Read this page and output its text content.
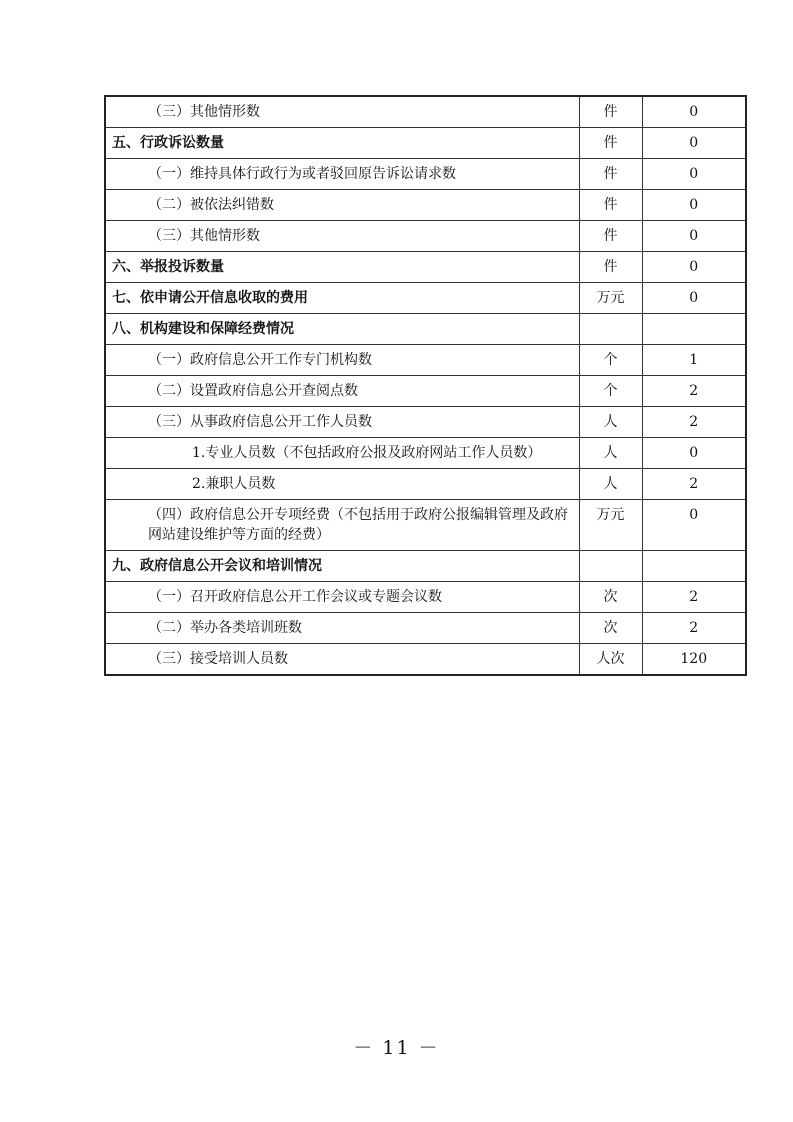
（三）其他情形数	件	0
五、行政诉讼数量	件	0
（一）维持具体行政行为或者驳回原告诉讼请求数	件	0
（二）被依法纠错数	件	0
（三）其他情形数	件	0
六、举报投诉数量	件	0
七、依申请公开信息收取的费用	万元	0
八、机构建设和保障经费情况		
（一）政府信息公开工作专门机构数	个	1
（二）设置政府信息公开查阅点数	个	2
（三）从事政府信息公开工作人员数	人	2
1.专业人员数（不包括政府公报及政府网站工作人员数）	人	0
2.兼职人员数	人	2
（四）政府信息公开专项经费（不包括用于政府公报编辑管理及政府网站建设维护等方面的经费）	万元	0
九、政府信息公开会议和培训情况		
（一）召开政府信息公开工作会议或专题会议数	次	2
（二）举办各类培训班数	次	2
（三）接受培训人员数	人次	120
－ 11 －
